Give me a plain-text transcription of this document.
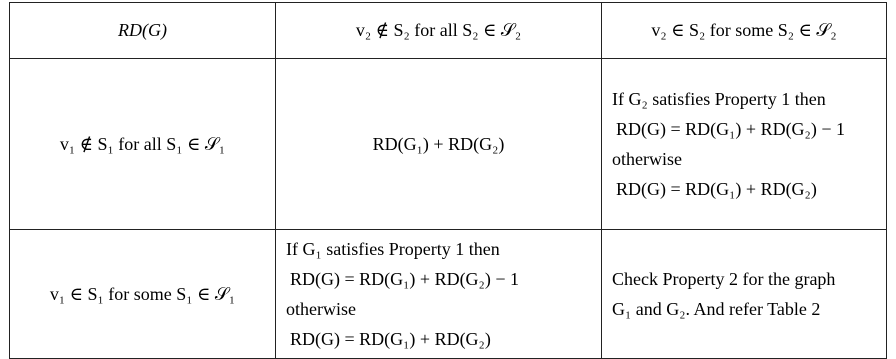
RD(G)	v₂ ∉ S₂ for all S₂ ∈ 𝒮₂	v₂ ∈ S₂ for some S₂ ∈ 𝒮₂
v₁ ∉ S₁ for all S₁ ∈ 𝒮₁	RD(G₁) + RD(G₂)	If G₂ satisfies Property 1 then
RD(G) = RD(G₁) + RD(G₂) − 1
otherwise
RD(G) = RD(G₁) + RD(G₂)

v₁ ∈ S₁ for some S₁ ∈ 𝒮₁	If G₁ satisfies Property 1 then
RD(G) = RD(G₁) + RD(G₂) − 1
otherwise
RD(G) = RD(G₁) + RD(G₂)	Check Property 2 for the graph
G₁ and G₂. And refer Table 2
